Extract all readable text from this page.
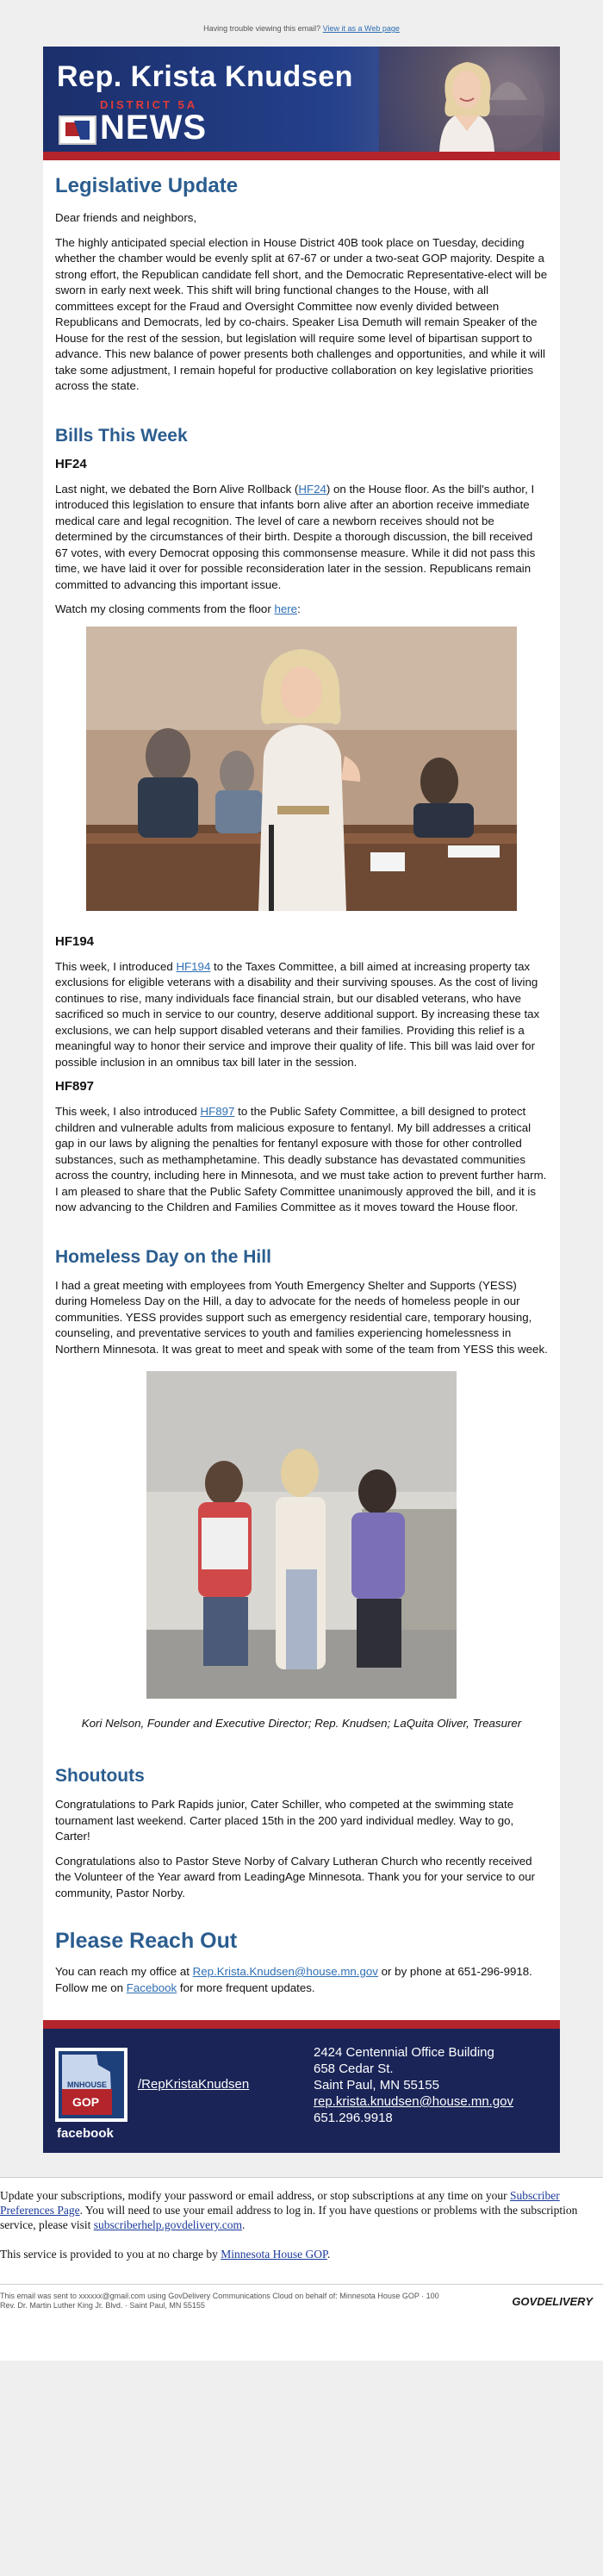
Having trouble viewing this email? View it as a Web page
Rep. Krista Knudsen
DISTRICT 5A
NEWS
Legislative Update

Dear friends and neighbors,

The highly anticipated special election in House District 40B took place on Tuesday, deciding whether the chamber would be evenly split at 67-67 or under a two-seat GOP majority. Despite a strong effort, the Republican candidate fell short, and the Democratic Representative-elect will be sworn in early next week. This shift will bring functional changes to the House, with all committees except for the Fraud and Oversight Committee now evenly divided between Republicans and Democrats, led by co-chairs. Speaker Lisa Demuth will remain Speaker of the House for the rest of the session, but legislation will require some level of bipartisan support to advance. This new balance of power presents both challenges and opportunities, and while it will take some adjustment, I remain hopeful for productive collaboration on key legislative priorities across the state.

Bills This Week
HF24

Last night, we debated the Born Alive Rollback (HF24) on the House floor. As the bill's author, I introduced this legislation to ensure that infants born alive after an abortion receive immediate medical care and legal recognition. The level of care a newborn receives should not be determined by the circumstances of their birth. Despite a thorough discussion, the bill received 67 votes, with every Democrat opposing this commonsense measure. While it did not pass this time, we have laid it over for possible reconsideration later in the session. Republicans remain committed to advancing this important issue.

Watch my closing comments from the floor here:

HF194

This week, I introduced HF194 to the Taxes Committee, a bill aimed at increasing property tax exclusions for eligible veterans with a disability and their surviving spouses. As the cost of living continues to rise, many individuals face financial strain, but our disabled veterans, who have sacrificed so much in service to our country, deserve additional support. By increasing these tax exclusions, we can help support disabled veterans and their families. Providing this relief is a meaningful way to honor their service and improve their quality of life. This bill was laid over for possible inclusion in an omnibus tax bill later in the session.

HF897

This week, I also introduced HF897 to the Public Safety Committee, a bill designed to protect children and vulnerable adults from malicious exposure to fentanyl. My bill addresses a critical gap in our laws by aligning the penalties for fentanyl exposure with those for other controlled substances, such as methamphetamine. This deadly substance has devastated communities across the country, including here in Minnesota, and we must take action to prevent further harm. I am pleased to share that the Public Safety Committee unanimously approved the bill, and it is now advancing to the Children and Families Committee as it moves toward the House floor.

Homeless Day on the Hill

I had a great meeting with employees from Youth Emergency Shelter and Supports (YESS) during Homeless Day on the Hill, a day to advocate for the needs of homeless people in our communities. YESS provides support such as emergency residential care, temporary housing, counseling, and preventative services to youth and families experiencing homelessness in Northern Minnesota. It was great to meet and speak with some of the team from YESS this week.

Kori Nelson, Founder and Executive Director; Rep. Knudsen; LaQuita Oliver, Treasurer

Shoutouts

Congratulations to Park Rapids junior, Cater Schiller, who competed at the swimming state tournament last weekend. Carter placed 15th in the 200 yard individual medley. Way to go, Carter!

Congratulations also to Pastor Steve Norby of Calvary Lutheran Church who recently received the Volunteer of the Year award from LeadingAge Minnesota. Thank you for your service to our community, Pastor Norby.

Please Reach Out

You can reach my office at Rep.Krista.Knudsen@house.mn.gov or by phone at 651-296-9918. Follow me on Facebook for more frequent updates.

MN HOUSE
GOP
facebook
/RepKristaKnudsen
2424 Centennial Office Building
658 Cedar St.
Saint Paul, MN 55155
rep.krista.knudsen@house.mn.gov
651.296.9918

Update your subscriptions, modify your password or email address, or stop subscriptions at any time on your Subscriber Preferences Page. You will need to use your email address to log in. If you have questions or problems with the subscription service, please visit subscriberhelp.govdelivery.com.

This service is provided to you at no charge by Minnesota House GOP.

This email was sent to xxxxxx@gmail.com using GovDelivery Communications Cloud on behalf of: Minnesota House GOP · 100
Rev. Dr. Martin Luther King Jr. Blvd. · Saint Paul, MN 55155	GOVDELIVERY
